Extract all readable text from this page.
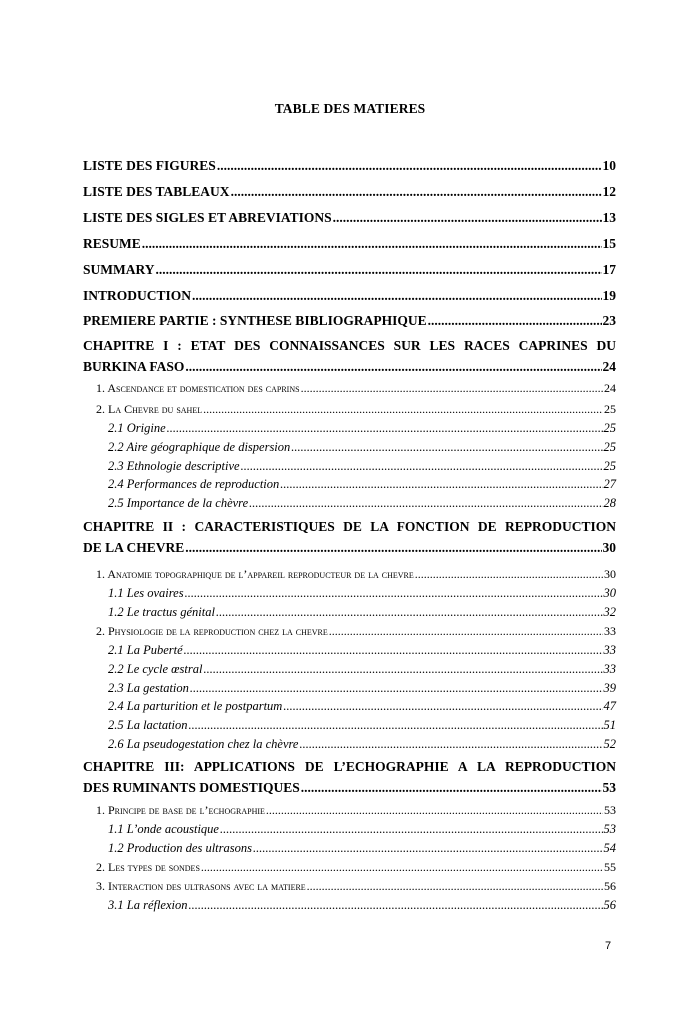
TABLE DES MATIERES
LISTE DES FIGURES .....	10
LISTE DES TABLEAUX .....	12
LISTE DES SIGLES ET ABREVIATIONS .....	13
RESUME .....	15
SUMMARY .....	17
INTRODUCTION .....	19
PREMIERE PARTIE : SYNTHESE BIBLIOGRAPHIQUE .....	23
CHAPITRE I : ETAT DES CONNAISSANCES SUR LES RACES CAPRINES DU
BURKINA FASO .....	24
1. Ascendance et domestication des caprins .....	24
2. La Chevre du sahel .....	25
2.1 Origine .....	25
2.2 Aire géographique de dispersion .....	25
2.3 Ethnologie descriptive .....	25
2.4 Performances de reproduction .....	27
2.5 Importance de la chèvre .....	28
CHAPITRE II : CARACTERISTIQUES DE LA FONCTION DE REPRODUCTION
DE LA CHEVRE .....	30
1. Anatomie topographique de l’appareil reproducteur de la chevre .....	30
1.1 Les ovaires .....	30
1.2 Le tractus génital .....	32
2. Physiologie de la reproduction chez la chevre .....	33
2.1 La Puberté .....	33
2.2 Le cycle œstral .....	33
2.3 La gestation .....	39
2.4 La parturition et le postpartum .....	47
2.5 La lactation .....	51
2.6 La pseudogestation chez la chèvre .....	52
CHAPITRE III: APPLICATIONS DE L’ECHOGRAPHIE A LA REPRODUCTION
DES RUMINANTS DOMESTIQUES .....	53
1. Principe de base de l’echographie .....	53
1.1 L’onde acoustique .....	53
1.2 Production des ultrasons .....	54
2. Les types de sondes .....	55
3. Interaction des ultrasons avec la matiere .....	56
3.1 La réflexion .....	56
7
